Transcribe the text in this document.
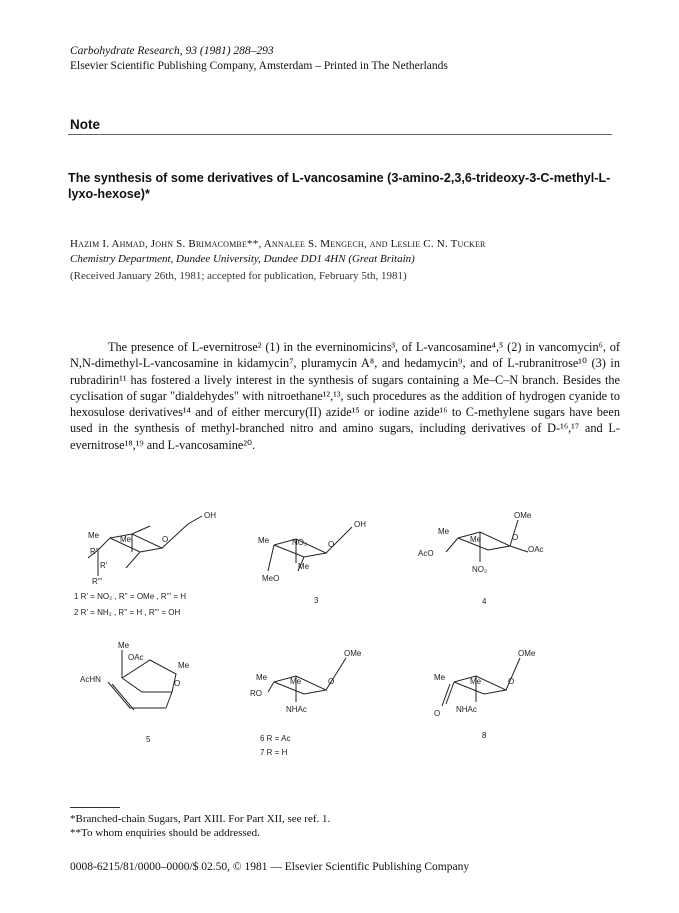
Carbohydrate Research, 93 (1981) 288–293
Elsevier Scientific Publishing Company, Amsterdam – Printed in The Netherlands
Note
The synthesis of some derivatives of L-vancosamine (3-amino-2,3,6-trideoxy-3-C-methyl-L-lyxo-hexose)*
Hazim I. Ahmad, John S. Brimacombe**, Annalee S. Mengech, and Leslie C. N. Tucker
Chemistry Department, Dundee University, Dundee DD1 4HN (Great Britain)
(Received January 26th, 1981; accepted for publication, February 5th, 1981)

The presence of L-evernitrose² (1) in the everninomicins³, of L-vancosamine⁴,⁵ (2) in vancomycin⁶, of N,N-dimethyl-L-vancosamine in kidamycin⁷, pluramycin A⁸, and hedamycin⁹, and of L-rubranitrose¹⁰ (3) in rubradirin¹¹ has fostered a lively interest in the synthesis of sugars containing a Me–C–N branch. Besides the cyclisation of sugar "dialdehydes" with nitroethane¹²,¹³, such procedures as the addition of hydrogen cyanide to hexosulose derivatives¹⁴ and of either mercury(II) azide¹⁵ or iodine azide¹⁶ to C-methylene sugars have been used in the synthesis of methyl-branched nitro and amino sugars, including derivatives of D-¹⁶,¹⁷ and L-evernitrose¹⁸,¹⁹ and L-vancosamine²⁰.

Me	Me	O
OH
R''
R'
R'''
1 R' = NO₂ , R'' = OMe , R''' = H
2 R' = NH₂ , R'' = H , R''' = OH
Me	NO₂	O
OH
Me
MeO
3
OMe
Me
Me	O
OAc
AcO
NO₂
4
Me
OAc
AcHN
Me
O
5
OMe
Me	Me	O
RO
NHAc
6 R = Ac
7 R = H
OMe
Me	Me	O
O NHAc
8
*Branched-chain Sugars, Part XIII. For Part XII, see ref. 1.
**To whom enquiries should be addressed.
0008-6215/81/0000–0000/$ 02.50, © 1981 — Elsevier Scientific Publishing Company
